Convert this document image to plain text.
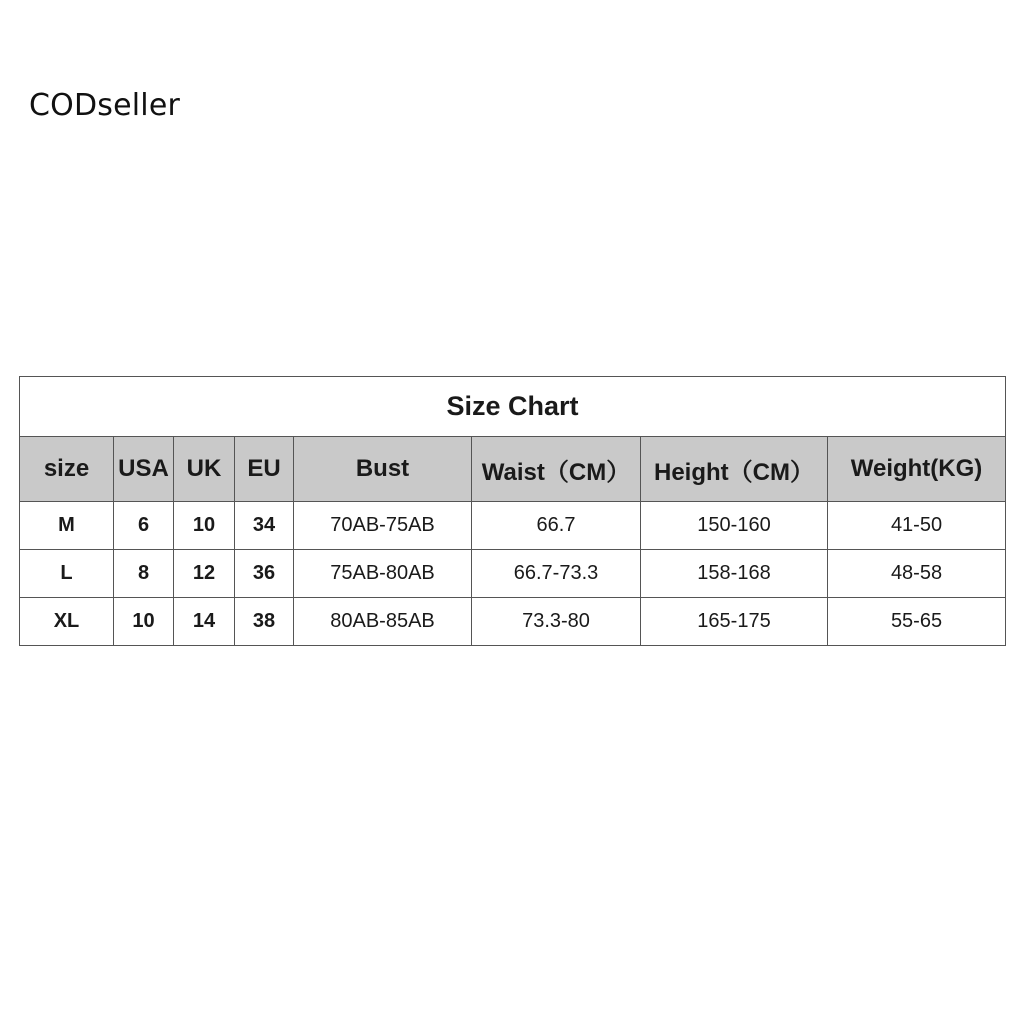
CODseller
Size Chart							
size	USA	UK	EU	Bust	Waist（CM）	Height（CM）	Weight(KG)
M	6	10	34	70AB-75AB	66.7	150-160	41-50
L	8	12	36	75AB-80AB	66.7-73.3	158-168	48-58
XL	10	14	38	80AB-85AB	73.3-80	165-175	55-65
